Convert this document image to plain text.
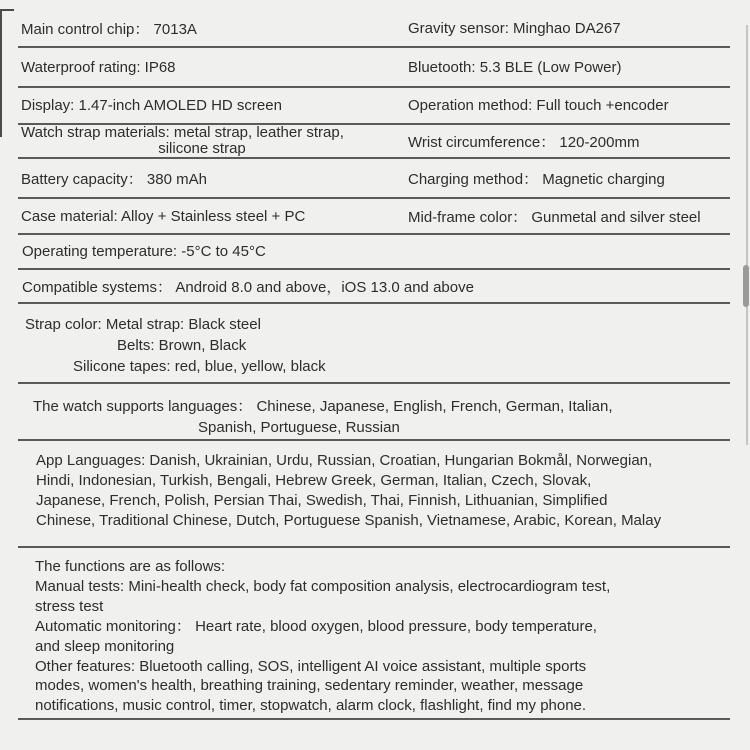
Main control chip： 7013A	Gravity sensor: Minghao DA267
Waterproof rating: IP68	Bluetooth: 5.3 BLE (Low Power)
Display: 1.47-inch AMOLED HD screen	Operation method: Full touch +encoder
Watch strap materials: metal strap, leather strap,
silicone strap	Wrist circumference： 120-200mm
Battery capacity： 380 mAh	Charging method： Magnetic charging
Case material: Alloy + Stainless steel + PC	Mid-frame color： Gunmetal and silver steel
Operating temperature: -5°C to 45°C
Compatible systems： Android 8.0 and above，iOS 13.0 and above
Strap color: Metal strap: Black steel
Belts: Brown, Black
Silicone tapes: red, blue, yellow, black
The watch supports languages： Chinese, Japanese, English, French, German, Italian,
Spanish, Portuguese, Russian
App Languages: Danish, Ukrainian, Urdu, Russian, Croatian, Hungarian Bokmål, Norwegian,
Hindi, Indonesian, Turkish, Bengali, Hebrew Greek, German, Italian, Czech, Slovak,
Japanese, French, Polish, Persian Thai, Swedish, Thai, Finnish, Lithuanian, Simplified
Chinese, Traditional Chinese, Dutch, Portuguese Spanish, Vietnamese, Arabic, Korean, Malay
The functions are as follows:
Manual tests: Mini-health check, body fat composition analysis, electrocardiogram test,
stress test
Automatic monitoring： Heart rate, blood oxygen, blood pressure, body temperature,
and sleep monitoring
Other features: Bluetooth calling, SOS, intelligent AI voice assistant, multiple sports
modes, women's health, breathing training, sedentary reminder, weather, message
notifications, music control, timer, stopwatch, alarm clock, flashlight, find my phone.
